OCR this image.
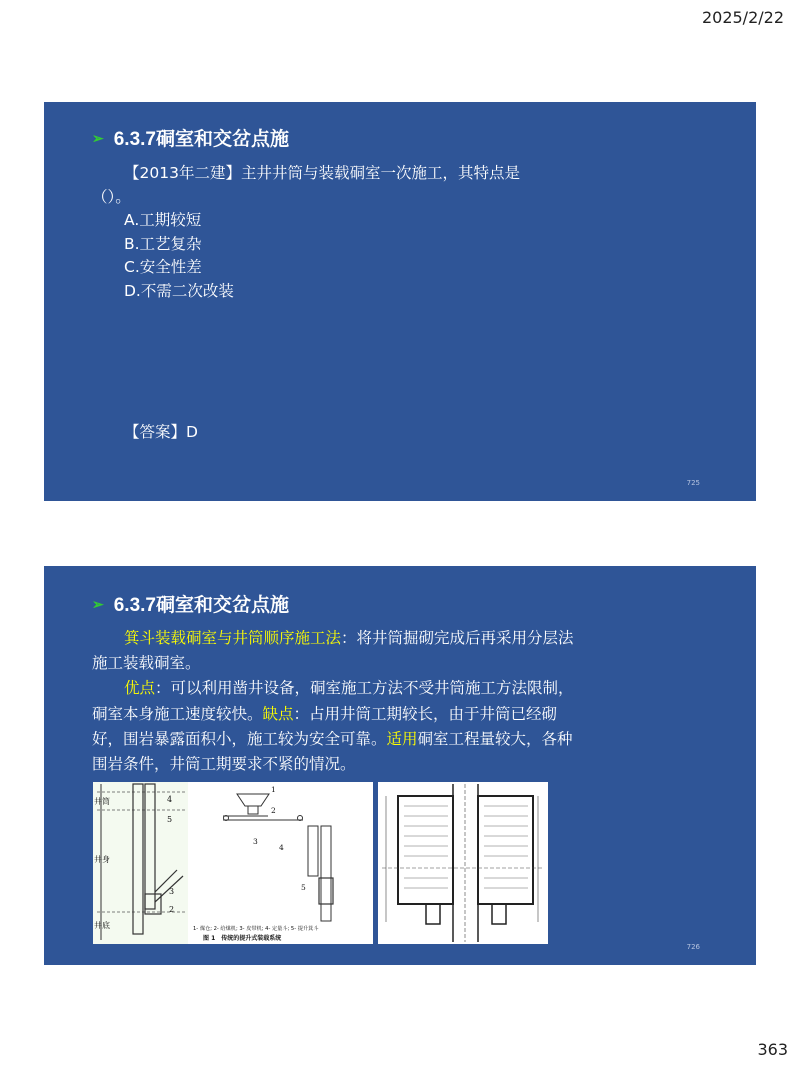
2025/2/22
➢ 6.3.7硐室和交岔点施
【2013年二建】主井井筒与装载硐室一次施工，其特点是
（）。
A.工期较短
B.工艺复杂
C.安全性差
D.不需二次改装
【答案】D
725
➢ 6.3.7硐室和交岔点施

箕斗装载硐室与井筒顺序施工法：将井筒掘砌完成后再采用分层法施工装载硐室。

优点：可以利用凿井设备，硐室施工方法不受井筒施工方法限制，硐室本身施工速度较快。缺点：占用井筒工期较长，由于井筒已经砌好，围岩暴露面积小，施工较为安全可靠。适用硐室工程量较大，各种围岩条件，井筒工期要求不紧的情况。

4
5
3
2
井筒
井身
井底
1
2
3
4
5
1- 煤仓; 2- 给煤机; 3- 皮带机; 4- 定量斗; 5- 提升箕斗
图 1　传统的提升式装载系统
726
363
